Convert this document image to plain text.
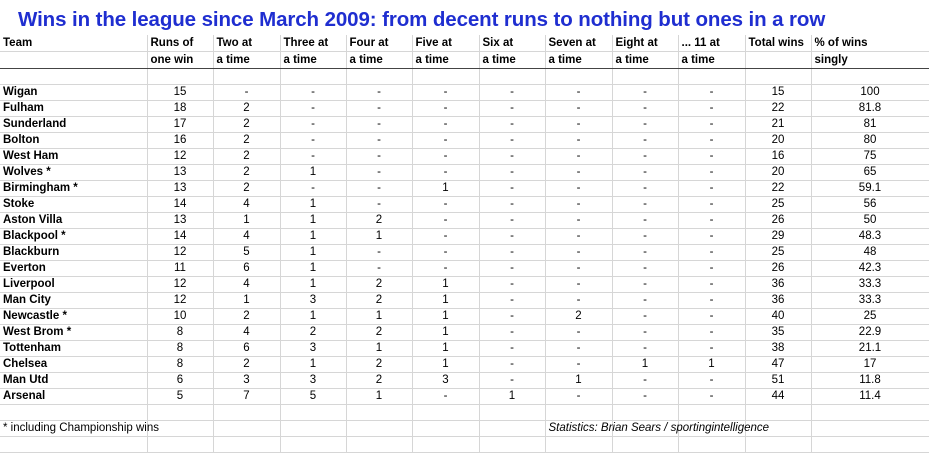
Wins in the league since March 2009: from decent runs to nothing but ones in a row
Team	Runs of	Two at	Three at	Four at	Five at	Six at	Seven at	Eight at	... 11 at	Total wins	% of wins
	one win	a time	a time	a time	a time	a time	a time	a time	a time		singly

Wigan	15	-	-	-	-	-	-	-	-	15	100
Fulham	18	2	-	-	-	-	-	-	-	22	81.8
Sunderland	17	2	-	-	-	-	-	-	-	21	81
Bolton	16	2	-	-	-	-	-	-	-	20	80
West Ham	12	2	-	-	-	-	-	-	-	16	75
Wolves *	13	2	1	-	-	-	-	-	-	20	65
Birmingham *	13	2	-	-	1	-	-	-	-	22	59.1
Stoke	14	4	1	-	-	-	-	-	-	25	56
Aston Villa	13	1	1	2	-	-	-	-	-	26	50
Blackpool *	14	4	1	1	-	-	-	-	-	29	48.3
Blackburn	12	5	1	-	-	-	-	-	-	25	48
Everton	11	6	1	-	-	-	-	-	-	26	42.3
Liverpool	12	4	1	2	1	-	-	-	-	36	33.3
Man City	12	1	3	2	1	-	-	-	-	36	33.3
Newcastle *	10	2	1	1	1	-	2	-	-	40	25
West Brom *	8	4	2	2	1	-	-	-	-	35	22.9
Tottenham	8	6	3	1	1	-	-	-	-	38	21.1
Chelsea	8	2	1	2	1	-	-	1	1	47	17
Man Utd	6	3	3	2	3	-	1	-	-	51	11.8
Arsenal	5	7	5	1	-	1	-	-	-	44	11.4

* including Championship wins							Statistics: Brian Sears / sportingintelligence				
